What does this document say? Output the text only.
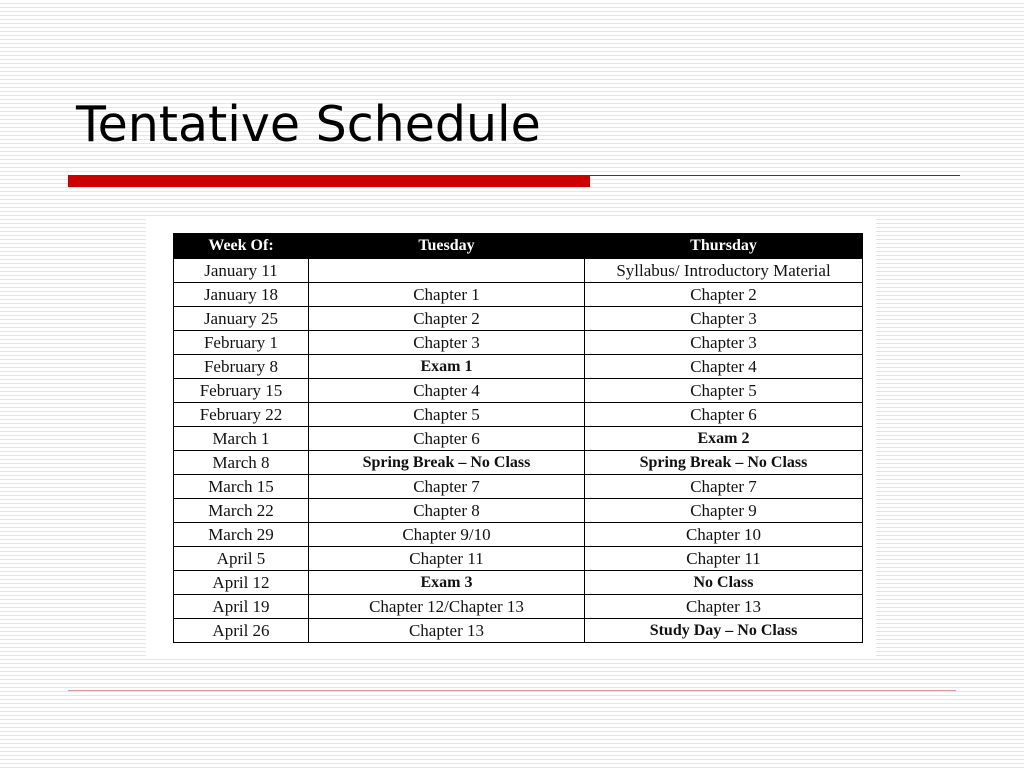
Tentative Schedule
Week Of:	Tuesday	Thursday
January 11		Syllabus/ Introductory Material
January 18	Chapter 1	Chapter 2
January 25	Chapter 2	Chapter 3
February 1	Chapter 3	Chapter 3
February 8	Exam 1	Chapter 4
February 15	Chapter 4	Chapter 5
February 22	Chapter 5	Chapter 6
March 1	Chapter 6	Exam 2
March 8	Spring Break – No Class	Spring Break – No Class
March 15	Chapter 7	Chapter 7
March 22	Chapter 8	Chapter 9
March 29	Chapter 9/10	Chapter 10
April 5	Chapter 11	Chapter 11
April 12	Exam 3	No Class
April 19	Chapter 12/Chapter 13	Chapter 13
April 26	Chapter 13	Study Day – No Class
